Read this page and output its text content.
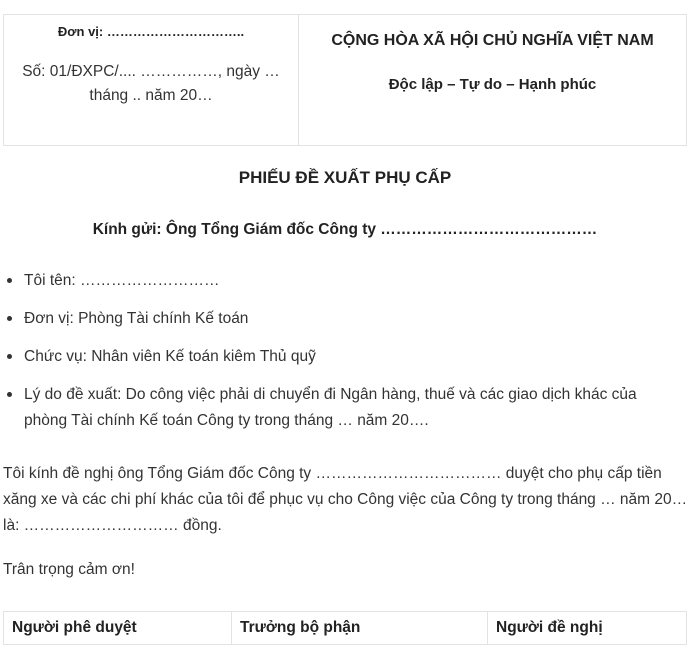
Đơn vị: …………………………..
Số: 01/ĐXPC/.... ……………, ngày … tháng .. năm 20…

CỘNG HÒA XÃ HỘI CHỦ NGHĨA VIỆT NAM
Độc lập – Tự do – Hạnh phúc
PHIẾU ĐỀ XUẤT PHỤ CẤP
Kính gửi: Ông Tổng Giám đốc Công ty ……………………………………
Tôi tên: ………………………
Đơn vị: Phòng Tài chính Kế toán
Chức vụ: Nhân viên Kế toán kiêm Thủ quỹ
Lý do đề xuất: Do công việc phải di chuyển đi Ngân hàng, thuế và các giao dịch khác của phòng Tài chính Kế toán Công ty trong tháng … năm 20….

Tôi kính đề nghị ông Tổng Giám đốc Công ty ……………………………… duyệt cho phụ cấp tiền xăng xe và các chi phí khác của tôi để phục vụ cho Công việc của Công ty trong tháng … năm 20…là: ………………………… đồng.

Trân trọng cảm ơn!

Người phê duyệt	Trưởng bộ phận	Người đề nghị
